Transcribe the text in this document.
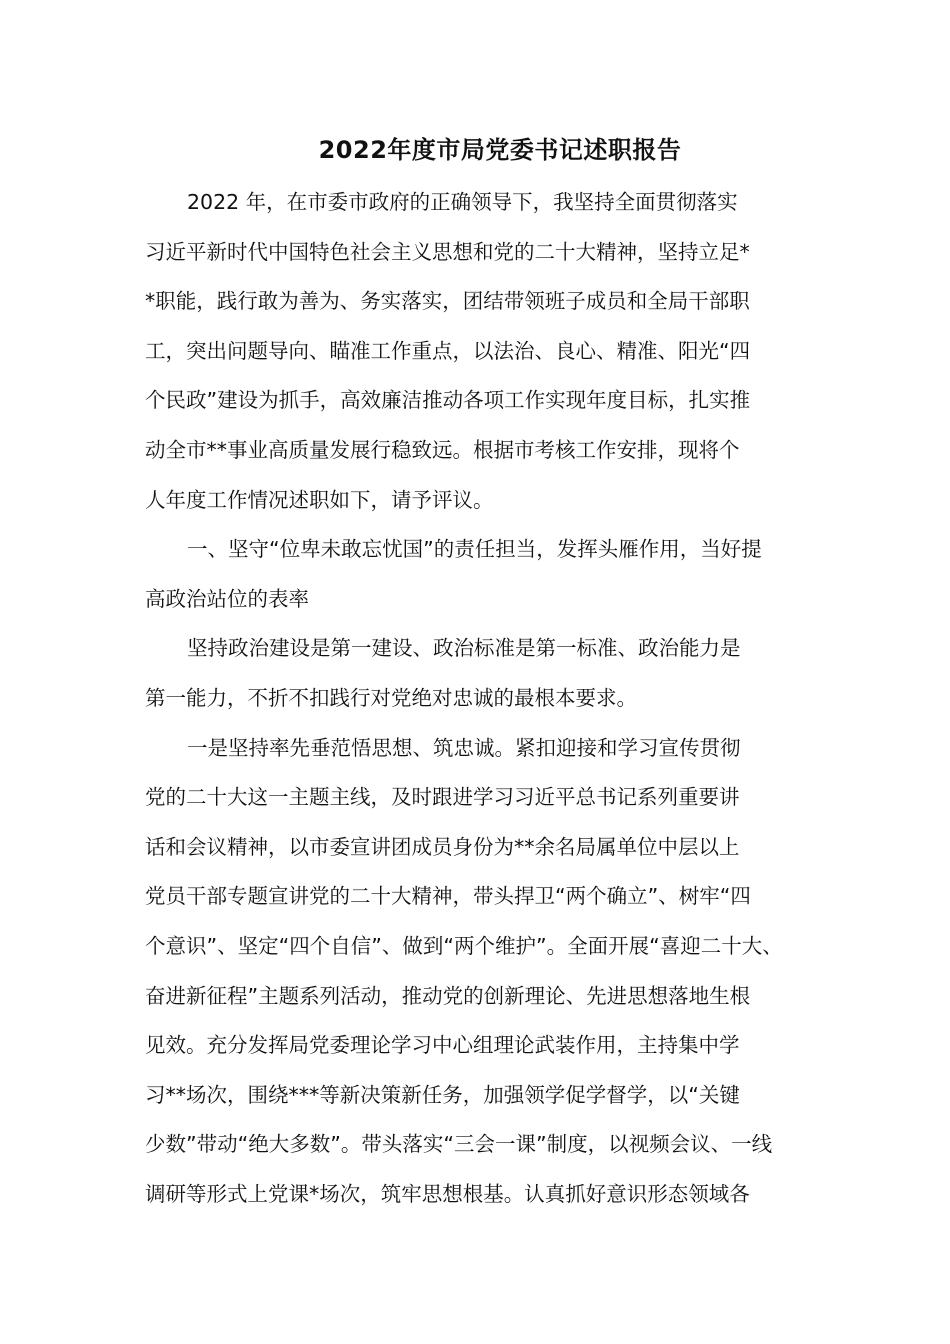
2022年度市局党委书记述职报告
2022 年，在市委市政府的正确领导下，我坚持全面贯彻落实
习近平新时代中国特色社会主义思想和党的二十大精神，坚持立足*
*职能，践行敢为善为、务实落实，团结带领班子成员和全局干部职
工，突出问题导向、瞄准工作重点，以法治、良心、精准、阳光“四
个民政”建设为抓手，高效廉洁推动各项工作实现年度目标，扎实推
动全市**事业高质量发展行稳致远。根据市考核工作安排，现将个
人年度工作情况述职如下，请予评议。
一、坚守“位卑未敢忘忧国”的责任担当，发挥头雁作用，当好提
高政治站位的表率
坚持政治建设是第一建设、政治标准是第一标准、政治能力是
第一能力，不折不扣践行对党绝对忠诚的最根本要求。
一是坚持率先垂范悟思想、筑忠诚。紧扣迎接和学习宣传贯彻
党的二十大这一主题主线，及时跟进学习习近平总书记系列重要讲
话和会议精神，以市委宣讲团成员身份为**余名局属单位中层以上
党员干部专题宣讲党的二十大精神，带头捍卫“两个确立”、树牢“四
个意识”、坚定“四个自信”、做到“两个维护”。全面开展“喜迎二十大、
奋进新征程”主题系列活动，推动党的创新理论、先进思想落地生根
见效。充分发挥局党委理论学习中心组理论武装作用，主持集中学
习**场次，围绕***等新决策新任务，加强领学促学督学，以“关键
少数”带动“绝大多数”。带头落实“三会一课”制度，以视频会议、一线
调研等形式上党课*场次，筑牢思想根基。认真抓好意识形态领域各
